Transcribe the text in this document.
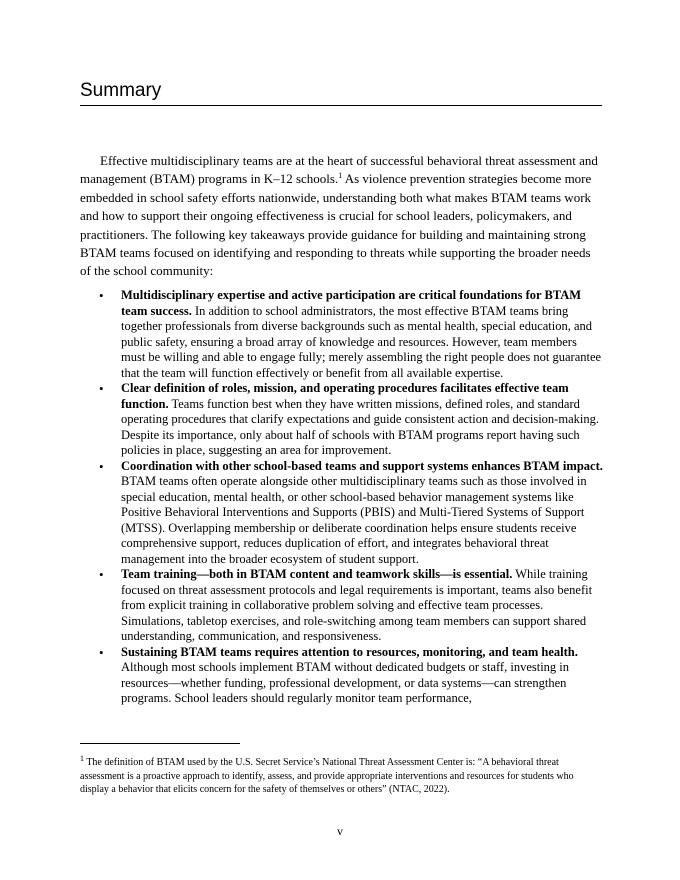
Summary

Effective multidisciplinary teams are at the heart of successful behavioral threat assessment and management (BTAM) programs in K–12 schools.$^1$ As violence prevention strategies become more embedded in school safety efforts nationwide, understanding both what makes BTAM teams work and how to support their ongoing effectiveness is crucial for school leaders, policymakers, and practitioners. The following key takeaways provide guidance for building and maintaining strong BTAM teams focused on identifying and responding to threats while supporting the broader needs of the school community:

• Multidisciplinary expertise and active participation are critical foundations for BTAM team success. In addition to school administrators, the most effective BTAM teams bring together professionals from diverse backgrounds such as mental health, special education, and public safety, ensuring a broad array of knowledge and resources. However, team members must be willing and able to engage fully; merely assembling the right people does not guarantee that the team will function effectively or benefit from all available expertise.
• Clear definition of roles, mission, and operating procedures facilitates effective team function. Teams function best when they have written missions, defined roles, and standard operating procedures that clarify expectations and guide consistent action and decision-making. Despite its importance, only about half of schools with BTAM programs report having such policies in place, suggesting an area for improvement.
• Coordination with other school-based teams and support systems enhances BTAM impact. BTAM teams often operate alongside other multidisciplinary teams such as those involved in special education, mental health, or other school-based behavior management systems like Positive Behavioral Interventions and Supports (PBIS) and Multi-Tiered Systems of Support (MTSS). Overlapping membership or deliberate coordination helps ensure students receive comprehensive support, reduces duplication of effort, and integrates behavioral threat management into the broader ecosystem of student support.
• Team training—both in BTAM content and teamwork skills—is essential. While training focused on threat assessment protocols and legal requirements is important, teams also benefit from explicit training in collaborative problem solving and effective team processes. Simulations, tabletop exercises, and role-switching among team members can support shared understanding, communication, and responsiveness.
• Sustaining BTAM teams requires attention to resources, monitoring, and team health. Although most schools implement BTAM without dedicated budgets or staff, investing in resources—whether funding, professional development, or data systems—can strengthen programs. School leaders should regularly monitor team performance,

$^1$ The definition of BTAM used by the U.S. Secret Service’s National Threat Assessment Center is: “A behavioral threat assessment is a proactive approach to identify, assess, and provide appropriate interventions and resources for students who display a behavior that elicits concern for the safety of themselves or others” (NTAC, 2022).

v
